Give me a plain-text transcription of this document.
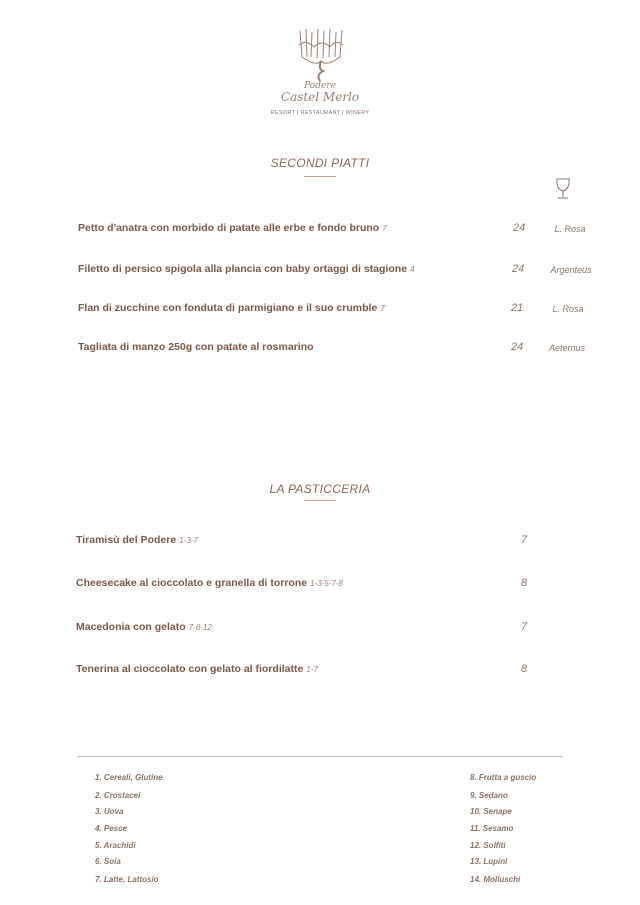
Podere
Castel Merlo
RESORT | RESTAURANT | WINERY
SECONDI PIATTI
Petto d'anatra con morbido di patate alle erbe e fondo bruno 7	24	L. Rosa
Filetto di persico spigola alla plancia con baby ortaggi di stagione 4	24	Argenteus
Flan di zucchine con fonduta di parmigiano e il suo crumble 7	21	L. Rosa
Tagliata di manzo 250g con patate al rosmarino	24	Aeternus
LA PASTICCERIA
Tiramisù del Podere 1-3-7	7
Cheesecake al cioccolato e granella di torrone 1-3-5-7-8	8
Macedonia con gelato 7-8-12	7
Tenerina al cioccolato con gelato al fiordilatte 1-7	8
1. Cereali, Glutine
2. Crostacei
3. Uova
4. Pesce
5. Arachidi
6. Soia
7. Latte, Lattosio
8. Frutta a guscio
9. Sedano
10. Senape
11. Sesamo
12. Solfiti
13. Lupini
14. Molluschi
